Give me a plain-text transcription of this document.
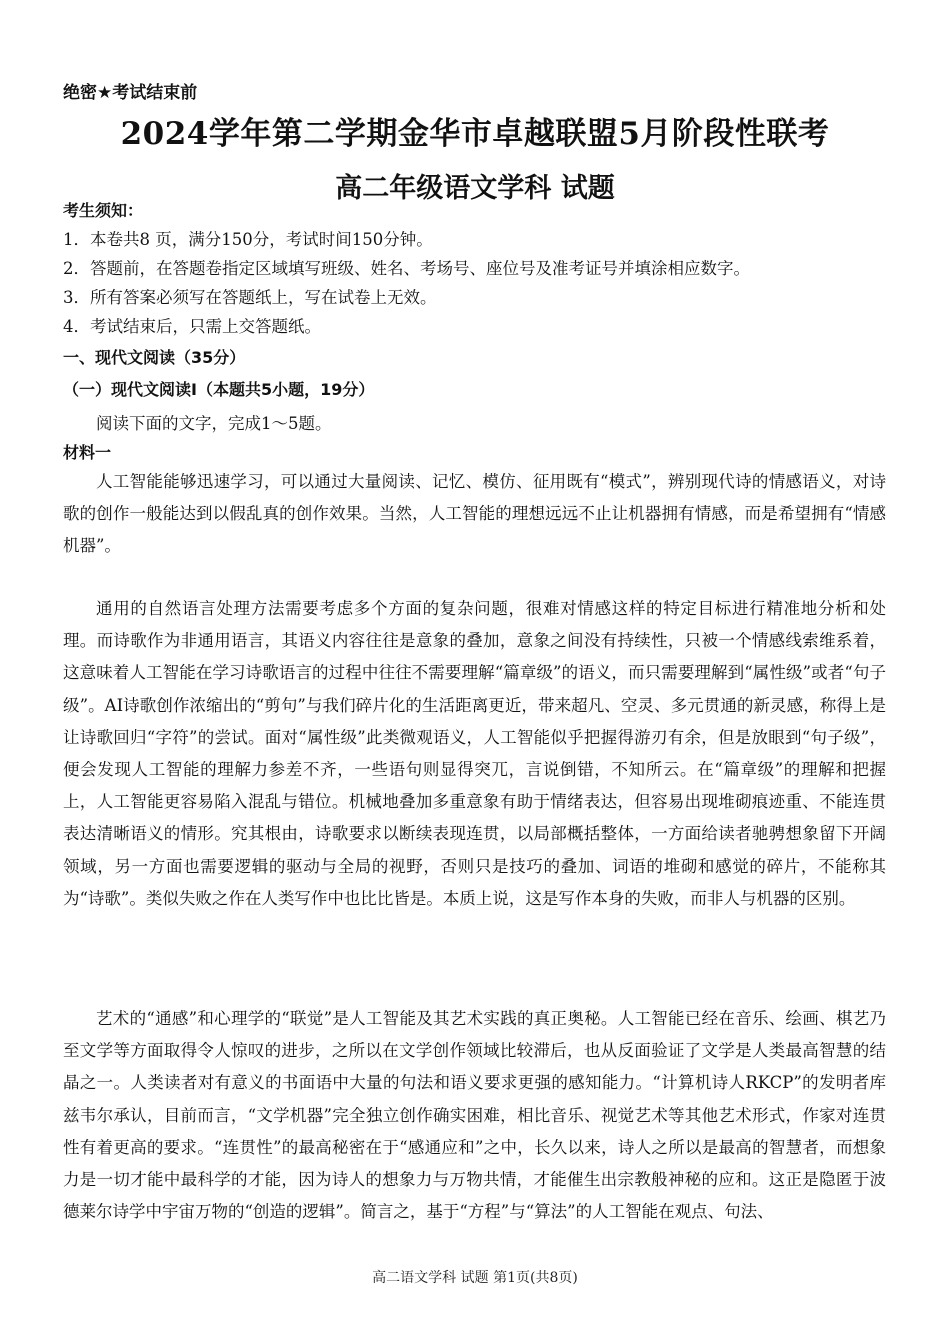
绝密★考试结束前
2024学年第二学期金华市卓越联盟5月阶段性联考
高二年级语文学科 试题
考生须知：
1．本卷共8 页，满分150分，考试时间150分钟。
2．答题前，在答题卷指定区域填写班级、姓名、考场号、座位号及准考证号并填涂相应数字。
3．所有答案必须写在答题纸上，写在试卷上无效。
4．考试结束后，只需上交答题纸。
一、现代文阅读（35分）
（一）现代文阅读Ⅰ（本题共5小题，19分）
阅读下面的文字，完成1～5题。
材料一
人工智能能够迅速学习，可以通过大量阅读、记忆、模仿、征用既有“模式”，辨别现代诗的情感语义，对诗歌的创作一般能达到以假乱真的创作效果。当然，人工智能的理想远远不止让机器拥有情感，而是希望拥有“情感机器”。
通用的自然语言处理方法需要考虑多个方面的复杂问题，很难对情感这样的特定目标进行精准地分析和处理。而诗歌作为非通用语言，其语义内容往往是意象的叠加，意象之间没有持续性，只被一个情感线索维系着，这意味着人工智能在学习诗歌语言的过程中往往不需要理解“篇章级”的语义，而只需要理解到“属性级”或者“句子级”。AI诗歌创作浓缩出的“剪句”与我们碎片化的生活距离更近，带来超凡、空灵、多元贯通的新灵感，称得上是让诗歌回归“字符”的尝试。面对“属性级”此类微观语义，人工智能似乎把握得游刃有余，但是放眼到“句子级”，便会发现人工智能的理解力参差不齐，一些语句则显得突兀，言说倒错，不知所云。在“篇章级”的理解和把握上，人工智能更容易陷入混乱与错位。机械地叠加多重意象有助于情绪表达，但容易出现堆砌痕迹重、不能连贯表达清晰语义的情形。究其根由，诗歌要求以断续表现连贯，以局部概括整体，一方面给读者驰骋想象留下开阔领域，另一方面也需要逻辑的驱动与全局的视野，否则只是技巧的叠加、词语的堆砌和感觉的碎片，不能称其为“诗歌”。类似失败之作在人类写作中也比比皆是。本质上说，这是写作本身的失败，而非人与机器的区别。
艺术的“通感”和心理学的“联觉”是人工智能及其艺术实践的真正奥秘。人工智能已经在音乐、绘画、棋艺乃至文学等方面取得令人惊叹的进步，之所以在文学创作领域比较滞后，也从反面验证了文学是人类最高智慧的结晶之一。人类读者对有意义的书面语中大量的句法和语义要求更强的感知能力。“计算机诗人RKCP”的发明者库兹韦尔承认，目前而言，“文学机器”完全独立创作确实困难，相比音乐、视觉艺术等其他艺术形式，作家对连贯性有着更高的要求。“连贯性”的最高秘密在于“感通应和”之中，长久以来，诗人之所以是最高的智慧者，而想象力是一切才能中最科学的才能，因为诗人的想象力与万物共情，才能催生出宗教般神秘的应和。这正是隐匿于波德莱尔诗学中宇宙万物的“创造的逻辑”。简言之，基于“方程”与“算法”的人工智能在观点、句法、
高二语文学科 试题 第1页(共8页)
